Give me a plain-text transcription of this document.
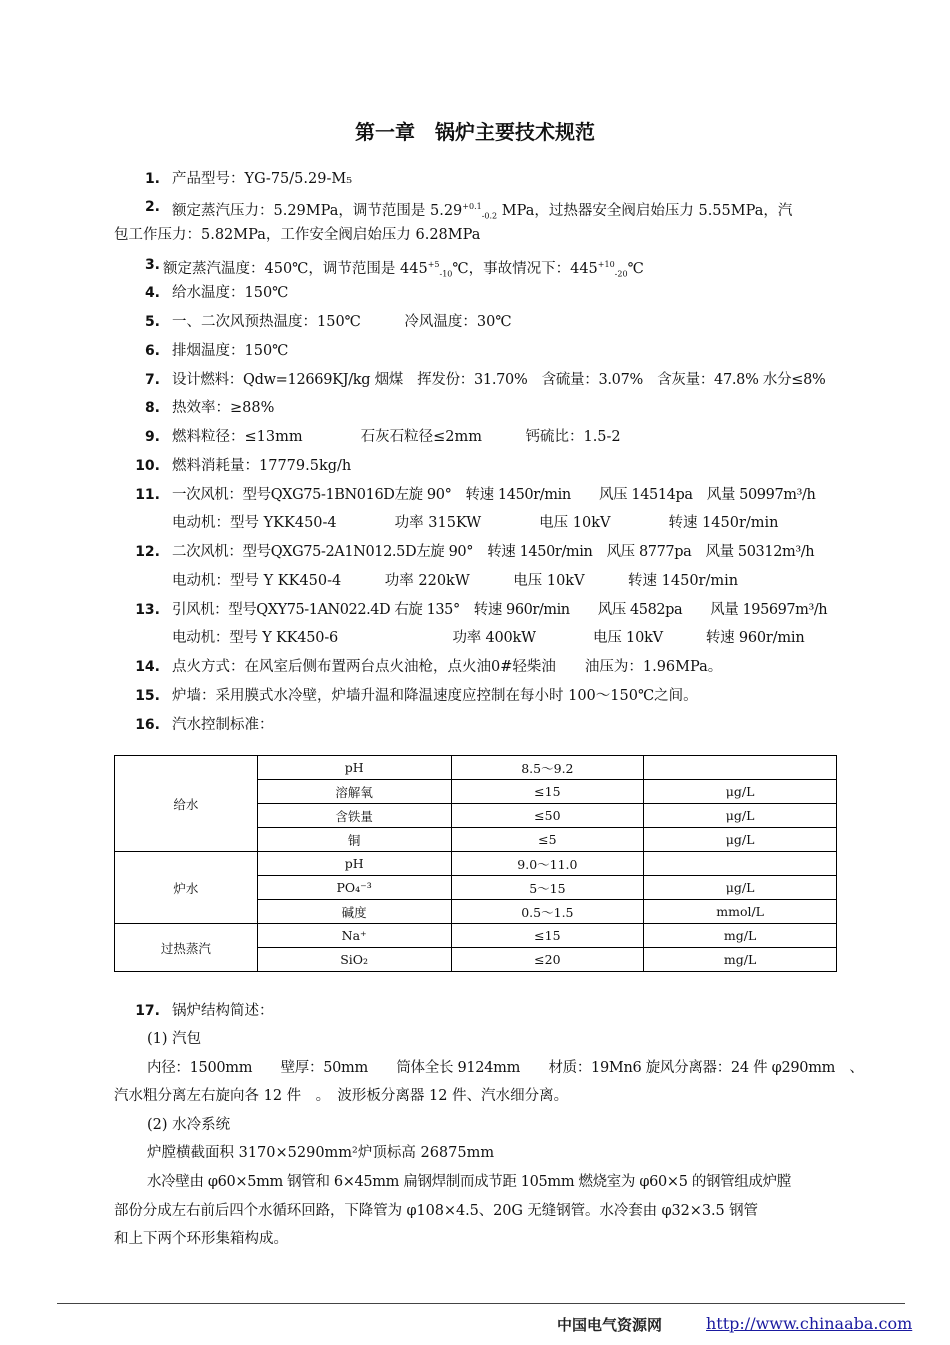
第一章　锅炉主要技术规范
1. 产品型号：YG-75/5.29-M₅
2. 额定蒸汽压力：5.29MPa，调节范围是 $5.29^{+0.1}_{-0.2}$ MPa，过热器安全阀启始压力 5.55MPa，汽
包工作压力：5.82MPa，工作安全阀启始压力 6.28MPa
3. 额定蒸汽温度：450℃，调节范围是 $445^{+5}_{-10}℃$，事故情况下：$445^{+10}_{-20}℃$
4. 给水温度：150℃
5. 一、二次风预热温度：150℃　　　冷风温度：30℃
6. 排烟温度：150℃
7. 设计燃料：Qdw=12669KJ/kg 烟煤　挥发份：31.70%　含硫量：3.07%　含灰量：47.8% 水分≤8%
8. 热效率：≥88%
9. 燃料粒径：≤13mm　　　　石灰石粒径≤2mm　　　钙硫比：1.5-2
10. 燃料消耗量：17779.5kg/h
11. 一次风机：型号QXG75-1BN016D左旋 90°　转速 1450r/min　　风压 14514pa　风量 50997m³/h
电动机：型号 YKK450-4　　　　功率 315KW　　　　电压 10kV　　　　转速 1450r/min
12. 二次风机：型号QXG75-2A1N012.5D左旋 90°　转速 1450r/min　风压 8777pa　风量 50312m³/h
电动机：型号 Y KK450-4　　　功率 220kW　　　电压 10kV　　　转速 1450r/min
13. 引风机：型号QXY75-1AN022.4D 右旋 135°　转速 960r/min　　风压 4582pa　　风量 195697m³/h
电动机：型号 Y KK450-6　　　　　　　　功率 400kW　　　　电压 10kV　　　转速 960r/min
14. 点火方式：在风室后侧布置两台点火油枪，点火油0#轻柴油　　油压为：1.96MPa。
15. 炉墙：采用膜式水冷壁，炉墙升温和降温速度应控制在每小时 100～150℃之间。
16. 汽水控制标准：
给水	pH	8.5～9.2	
	溶解氧	≤15	μg/L
	含铁量	≤50	μg/L
	铜	≤5	μg/L
炉水	pH	9.0～11.0	
	PO₄⁻³	5～15	μg/L
	碱度	0.5～1.5	mmol/L
过热蒸汽	Na⁺	≤15	mg/L
	SiO₂	≤20	mg/L
17. 锅炉结构简述：
(1) 汽包
内径：1500mm　　壁厚：50mm　　筒体全长 9124mm　　材质：19Mn6 旋风分离器：24 件 φ290mm　、
汽水粗分离左右旋向各 12 件　。　波形板分离器 12 件、汽水细分离。
(2) 水冷系统
炉膛横截面积 3170×5290mm²炉顶标高 26875mm
水冷壁由 φ60×5mm 钢管和 6×45mm 扁钢焊制而成节距 105mm 燃烧室为 φ60×5 的钢管组成炉膛
部份分成左右前后四个水循环回路，下降管为 φ108×4.5、20G 无缝钢管。水冷套由 φ32×3.5 钢管
和上下两个环形集箱构成。
中国电气资源网	http://www.chinaaba.com
